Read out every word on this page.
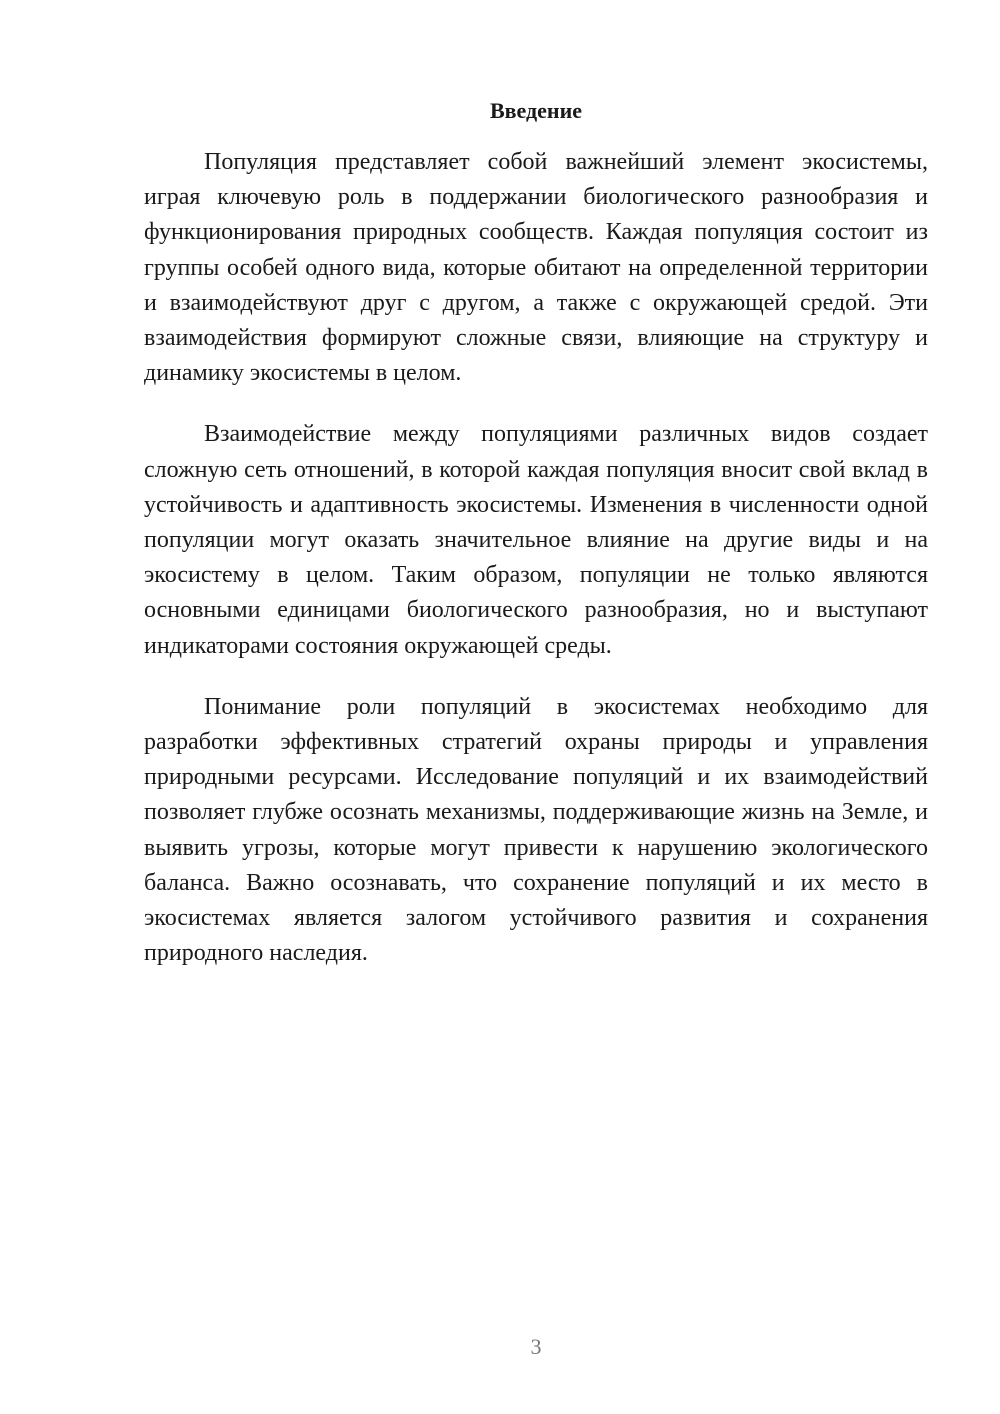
Введение

Популяция представляет собой важнейший элемент экосистемы, играя ключевую роль в поддержании биологического разнообразия и функционирования природных сообществ. Каждая популяция состоит из группы особей одного вида, которые обитают на определенной территории и взаимодействуют друг с другом, а также с окружающей средой. Эти взаимодействия формируют сложные связи, влияющие на структуру и динамику экосистемы в целом.

Взаимодействие между популяциями различных видов создает сложную сеть отношений, в которой каждая популяция вносит свой вклад в устойчивость и адаптивность экосистемы. Изменения в численности одной популяции могут оказать значительное влияние на другие виды и на экосистему в целом. Таким образом, популяции не только являются основными единицами биологического разнообразия, но и выступают индикаторами состояния окружающей среды.

Понимание роли популяций в экосистемах необходимо для разработки эффективных стратегий охраны природы и управления природными ресурсами. Исследование популяций и их взаимодействий позволяет глубже осознать механизмы, поддерживающие жизнь на Земле, и выявить угрозы, которые могут привести к нарушению экологического баланса. Важно осознавать, что сохранение популяций и их место в экосистемах является залогом устойчивого развития и сохранения природного наследия.

3
